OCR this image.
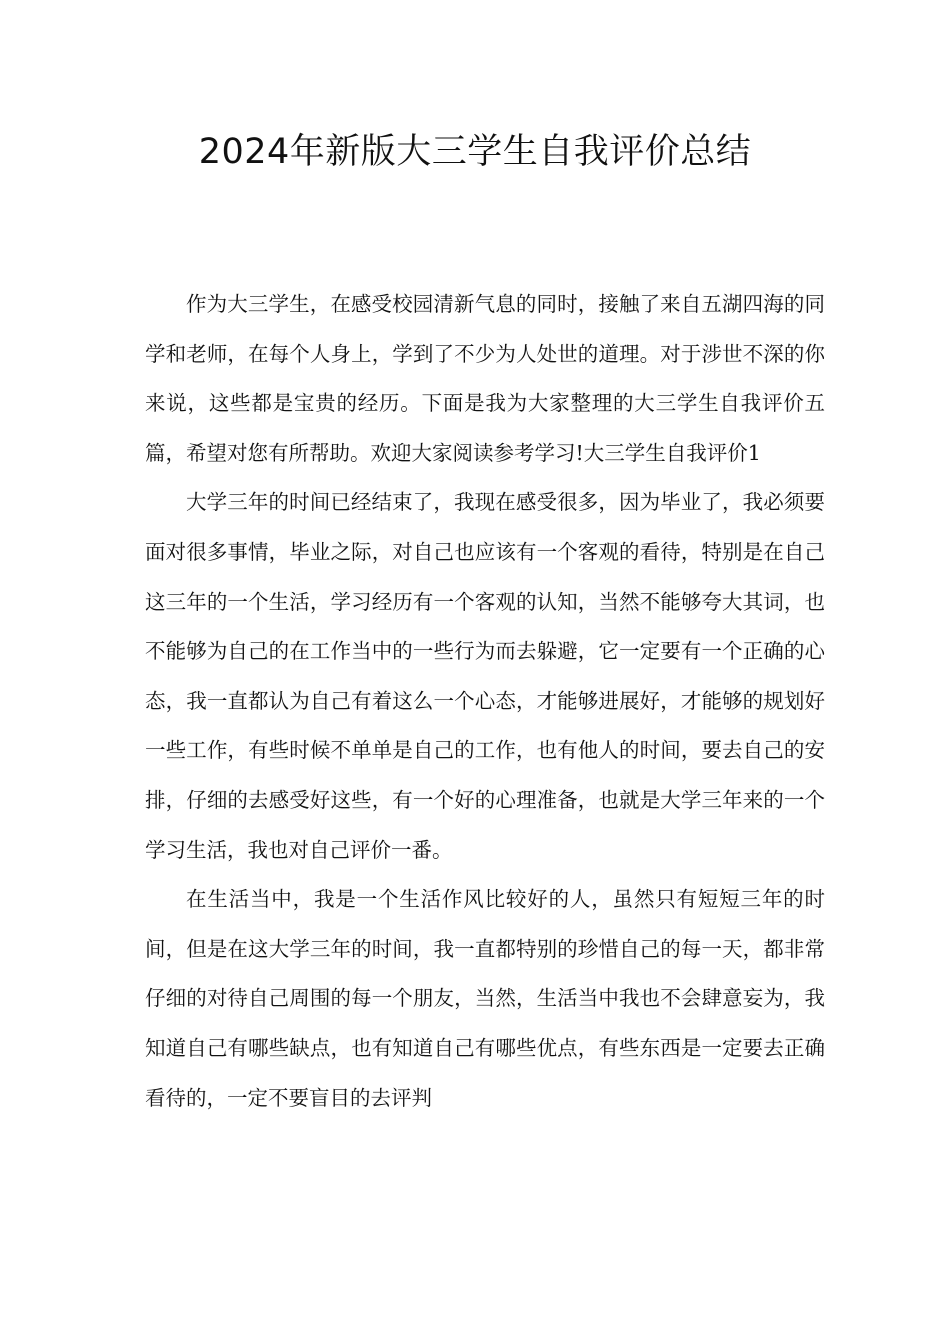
2024年新版大三学生自我评价总结

作为大三学生，在感受校园清新气息的同时，接触了来自五湖四海的同学和老师，在每个人身上，学到了不少为人处世的道理。对于涉世不深的你来说，这些都是宝贵的经历。下面是我为大家整理的大三学生自我评价五篇，希望对您有所帮助。欢迎大家阅读参考学习!大三学生自我评价1

大学三年的时间已经结束了，我现在感受很多，因为毕业了，我必须要面对很多事情，毕业之际，对自己也应该有一个客观的看待，特别是在自己这三年的一个生活，学习经历有一个客观的认知，当然不能够夸大其词，也不能够为自己的在工作当中的一些行为而去躲避，它一定要有一个正确的心态，我一直都认为自己有着这么一个心态，才能够进展好，才能够的规划好一些工作，有些时候不单单是自己的工作，也有他人的时间，要去自己的安排，仔细的去感受好这些，有一个好的心理准备，也就是大学三年来的一个学习生活，我也对自己评价一番。

在生活当中，我是一个生活作风比较好的人，虽然只有短短三年的时间，但是在这大学三年的时间，我一直都特别的珍惜自己的每一天，都非常仔细的对待自己周围的每一个朋友，当然，生活当中我也不会肆意妄为，我知道自己有哪些缺点，也有知道自己有哪些优点，有些东西是一定要去正确看待的，一定不要盲目的去评判
